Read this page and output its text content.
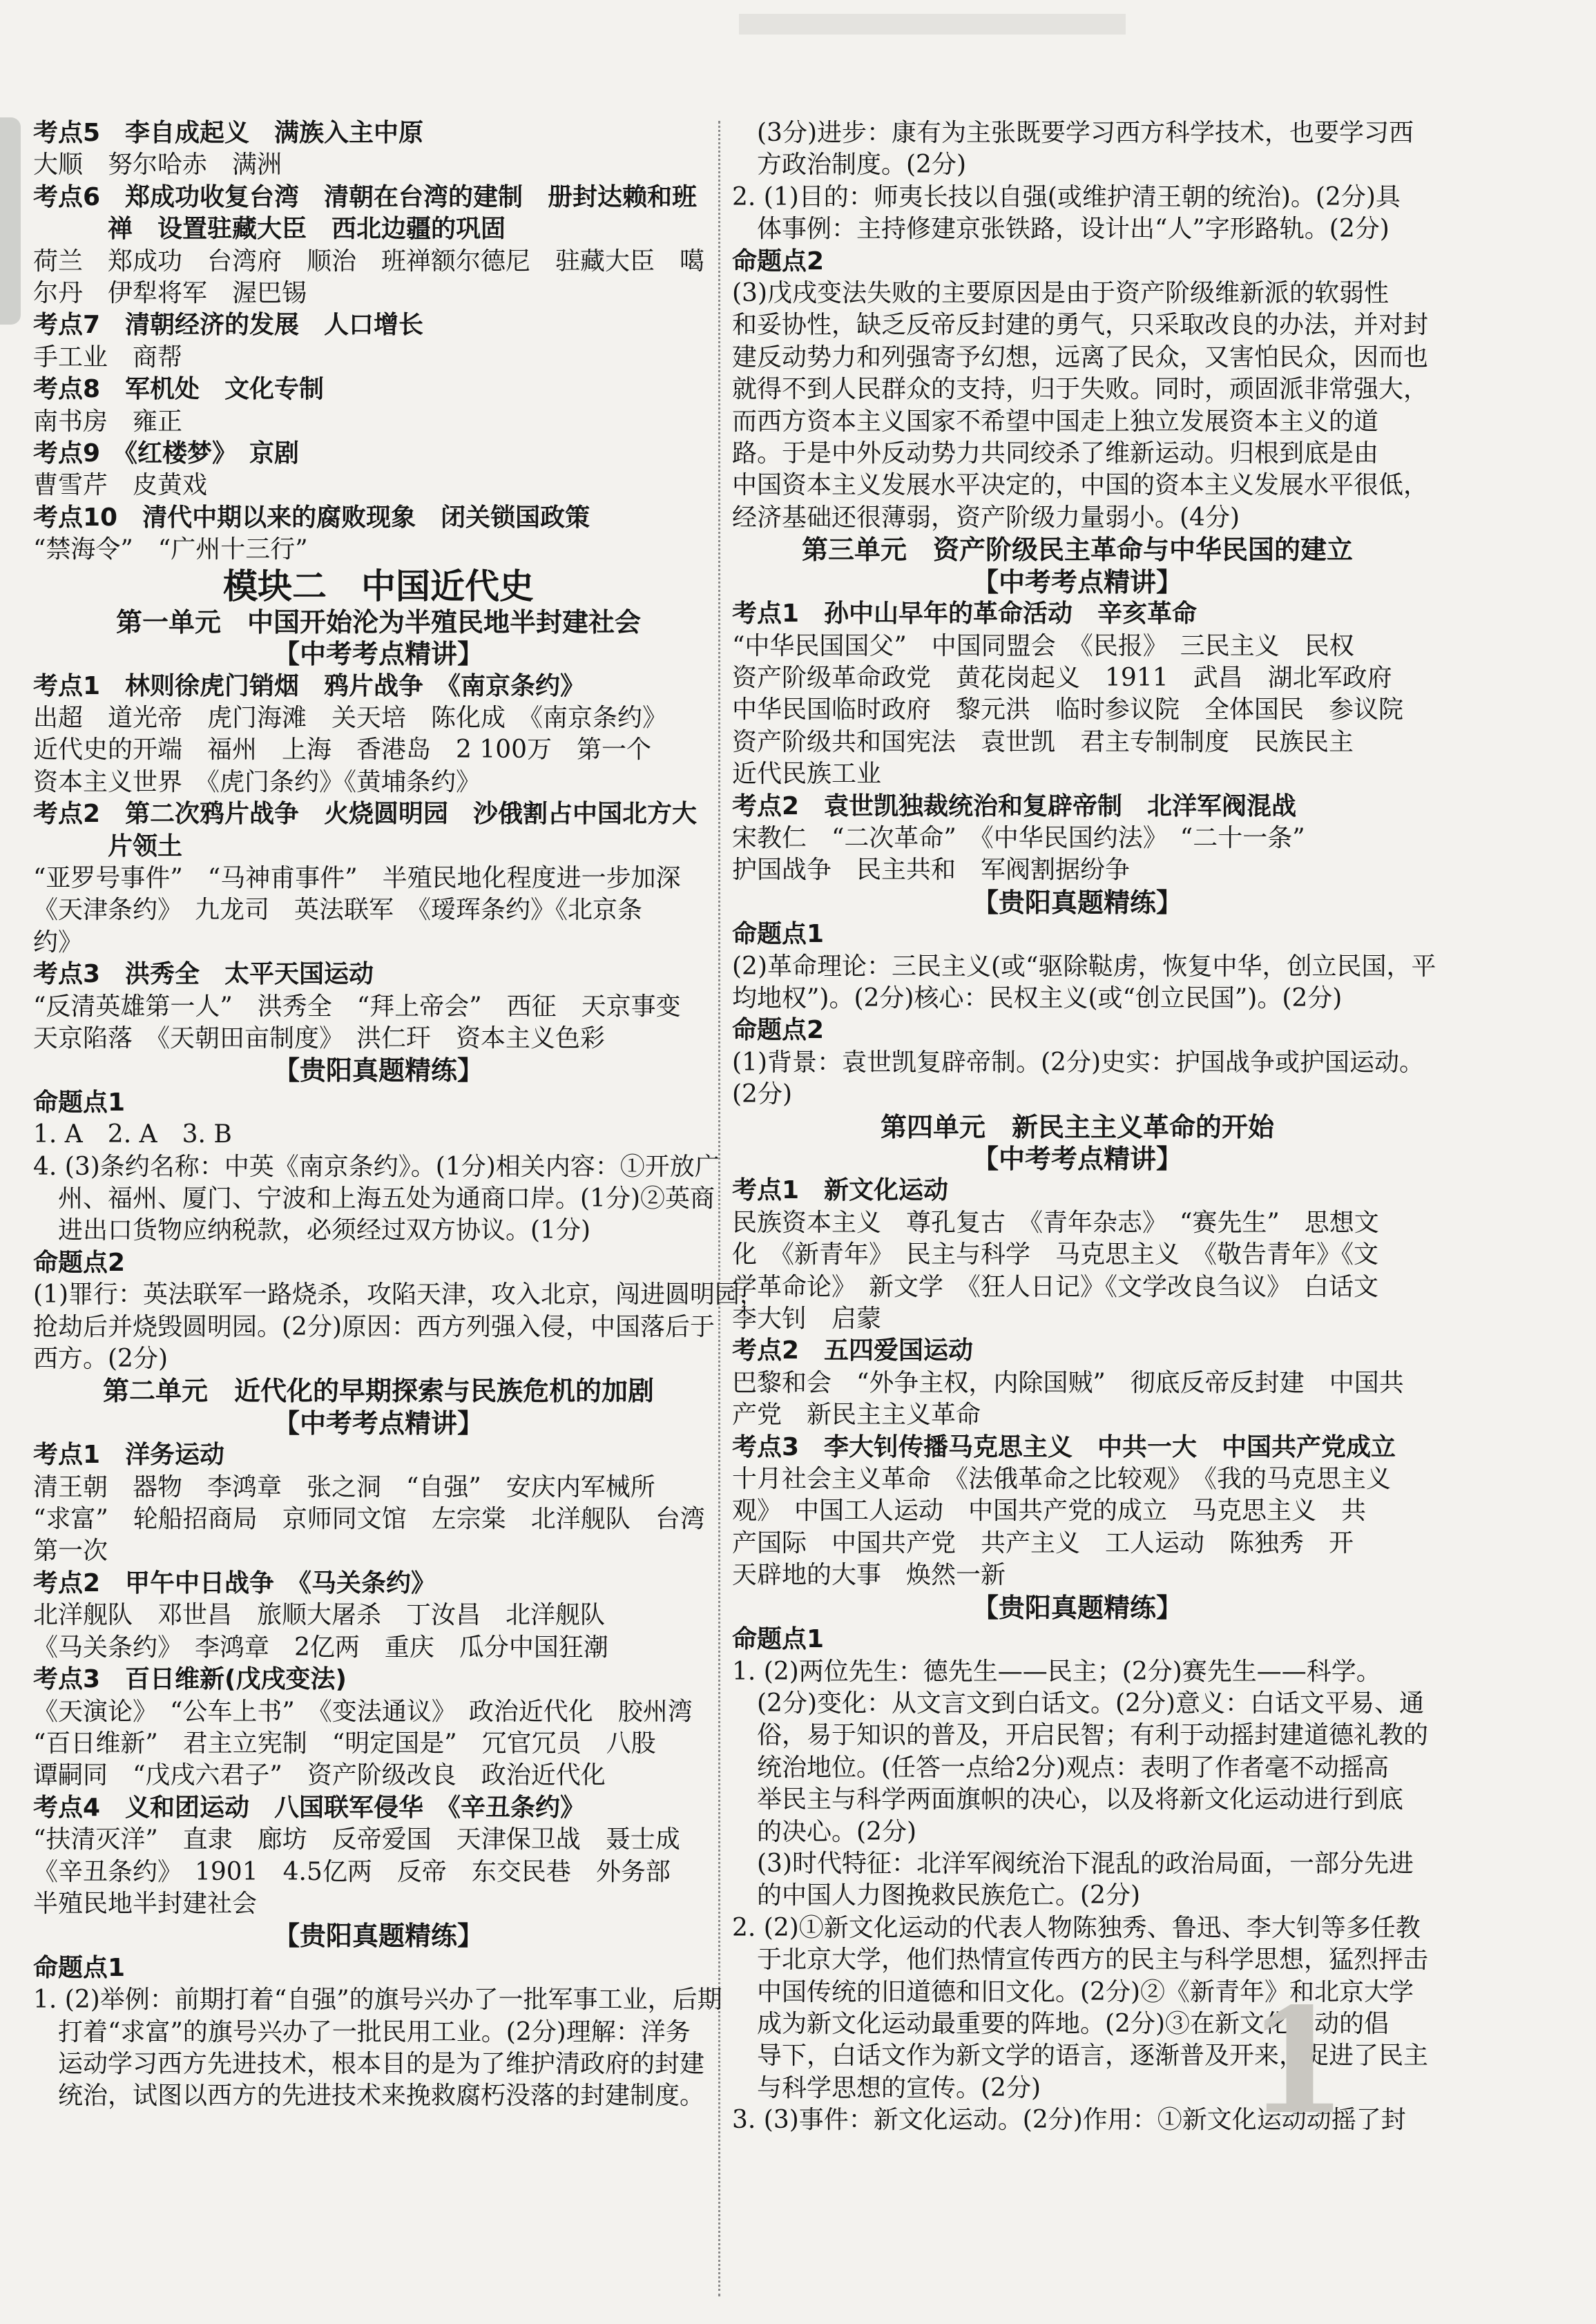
考点5　李自成起义　满族入主中原
大顺　努尔哈赤　满洲
考点6　郑成功收复台湾　清朝在台湾的建制　册封达赖和班
禅　设置驻藏大臣　西北边疆的巩固
荷兰　郑成功　台湾府　顺治　班禅额尔德尼　驻藏大臣　噶
尔丹　伊犁将军　渥巴锡
考点7　清朝经济的发展　人口增长
手工业　商帮
考点8　军机处　文化专制
南书房　雍正
考点9　《红楼梦》　京剧
曹雪芹　皮黄戏
考点10　清代中期以来的腐败现象　闭关锁国政策
“禁海令”　“广州十三行”
模块二　中国近代史
第一单元　中国开始沦为半殖民地半封建社会
【中考考点精讲】
考点1　林则徐虎门销烟　鸦片战争　《南京条约》
出超　道光帝　虎门海滩　关天培　陈化成　《南京条约》
近代史的开端　福州　上海　香港岛　2 100万　第一个
资本主义世界　《虎门条约》《黄埔条约》
考点2　第二次鸦片战争　火烧圆明园　沙俄割占中国北方大
片领土
“亚罗号事件”　“马神甫事件”　半殖民地化程度进一步加深
《天津条约》　九龙司　英法联军　《瑷珲条约》《北京条
约》
考点3　洪秀全　太平天国运动
“反清英雄第一人”　洪秀全　“拜上帝会”　西征　天京事变
天京陷落　《天朝田亩制度》　洪仁玕　资本主义色彩
【贵阳真题精练】
命题点1
1. A　2. A　3. B
4. (3)条约名称：中英《南京条约》。(1分)相关内容：①开放广
州、福州、厦门、宁波和上海五处为通商口岸。(1分)②英商
进出口货物应纳税款，必须经过双方协议。(1分)
命题点2
(1)罪行：英法联军一路烧杀，攻陷天津，攻入北京，闯进圆明园，
抢劫后并烧毁圆明园。(2分)原因：西方列强入侵，中国落后于
西方。(2分)
第二单元　近代化的早期探索与民族危机的加剧
【中考考点精讲】
考点1　洋务运动
清王朝　器物　李鸿章　张之洞　“自强”　安庆内军械所
“求富”　轮船招商局　京师同文馆　左宗棠　北洋舰队　台湾
第一次
考点2　甲午中日战争　《马关条约》
北洋舰队　邓世昌　旅顺大屠杀　丁汝昌　北洋舰队
《马关条约》　李鸿章　2亿两　重庆　瓜分中国狂潮
考点3　百日维新(戊戌变法)
《天演论》　“公车上书”　《变法通议》　政治近代化　胶州湾
“百日维新”　君主立宪制　“明定国是”　冗官冗员　八股
谭嗣同　“戊戌六君子”　资产阶级改良　政治近代化
考点4　义和团运动　八国联军侵华　《辛丑条约》
“扶清灭洋”　直隶　廊坊　反帝爱国　天津保卫战　聂士成
《辛丑条约》　1901　4.5亿两　反帝　东交民巷　外务部
半殖民地半封建社会
【贵阳真题精练】
命题点1
1. (2)举例：前期打着“自强”的旗号兴办了一批军事工业，后期
打着“求富”的旗号兴办了一批民用工业。(2分)理解：洋务
运动学习西方先进技术，根本目的是为了维护清政府的封建
统治，试图以西方的先进技术来挽救腐朽没落的封建制度。
(3分)进步：康有为主张既要学习西方科学技术，也要学习西
方政治制度。(2分)
2. (1)目的：师夷长技以自强(或维护清王朝的统治)。(2分)具
体事例：主持修建京张铁路，设计出“人”字形路轨。(2分)
命题点2
(3)戊戌变法失败的主要原因是由于资产阶级维新派的软弱性
和妥协性，缺乏反帝反封建的勇气，只采取改良的办法，并对封
建反动势力和列强寄予幻想，远离了民众，又害怕民众，因而也
就得不到人民群众的支持，归于失败。同时，顽固派非常强大，
而西方资本主义国家不希望中国走上独立发展资本主义的道
路。于是中外反动势力共同绞杀了维新运动。归根到底是由
中国资本主义发展水平决定的，中国的资本主义发展水平很低，
经济基础还很薄弱，资产阶级力量弱小。(4分)
第三单元　资产阶级民主革命与中华民国的建立
【中考考点精讲】
考点1　孙中山早年的革命活动　辛亥革命
“中华民国国父”　中国同盟会　《民报》　三民主义　民权
资产阶级革命政党　黄花岗起义　1911　武昌　湖北军政府
中华民国临时政府　黎元洪　临时参议院　全体国民　参议院
资产阶级共和国宪法　袁世凯　君主专制制度　民族民主
近代民族工业
考点2　袁世凯独裁统治和复辟帝制　北洋军阀混战
宋教仁　“二次革命”　《中华民国约法》　“二十一条”
护国战争　民主共和　军阀割据纷争
【贵阳真题精练】
命题点1
(2)革命理论：三民主义(或“驱除鞑虏，恢复中华，创立民国，平
均地权”)。(2分)核心：民权主义(或“创立民国”)。(2分)
命题点2
(1)背景：袁世凯复辟帝制。(2分)史实：护国战争或护国运动。
(2分)
第四单元　新民主主义革命的开始
【中考考点精讲】
考点1　新文化运动
民族资本主义　尊孔复古　《青年杂志》　“赛先生”　思想文
化　《新青年》　民主与科学　马克思主义　《敬告青年》《文
学革命论》　新文学　《狂人日记》《文学改良刍议》　白话文
李大钊　启蒙
考点2　五四爱国运动
巴黎和会　“外争主权，内除国贼”　彻底反帝反封建　中国共
产党　新民主主义革命
考点3　李大钊传播马克思主义　中共一大　中国共产党成立
十月社会主义革命　《法俄革命之比较观》　《我的马克思主义
观》　中国工人运动　中国共产党的成立　马克思主义　共
产国际　中国共产党　共产主义　工人运动　陈独秀　开
天辟地的大事　焕然一新
【贵阳真题精练】
命题点1
1. (2)两位先生：德先生——民主；(2分)赛先生——科学。
(2分)变化：从文言文到白话文。(2分)意义：白话文平易、通
俗，易于知识的普及，开启民智；有利于动摇封建道德礼教的
统治地位。(任答一点给2分)观点：表明了作者毫不动摇高
举民主与科学两面旗帜的决心，以及将新文化运动进行到底
的决心。(2分)
(3)时代特征：北洋军阀统治下混乱的政治局面，一部分先进
的中国人力图挽救民族危亡。(2分)
2. (2)①新文化运动的代表人物陈独秀、鲁迅、李大钊等多任教
于北京大学，他们热情宣传西方的民主与科学思想，猛烈抨击
中国传统的旧道德和旧文化。(2分)②《新青年》和北京大学
成为新文化运动最重要的阵地。(2分)③在新文化运动的倡
导下，白话文作为新文学的语言，逐渐普及开来，促进了民主
与科学思想的宣传。(2分)
3. (3)事件：新文化运动。(2分)作用：①新文化运动动摇了封
1
